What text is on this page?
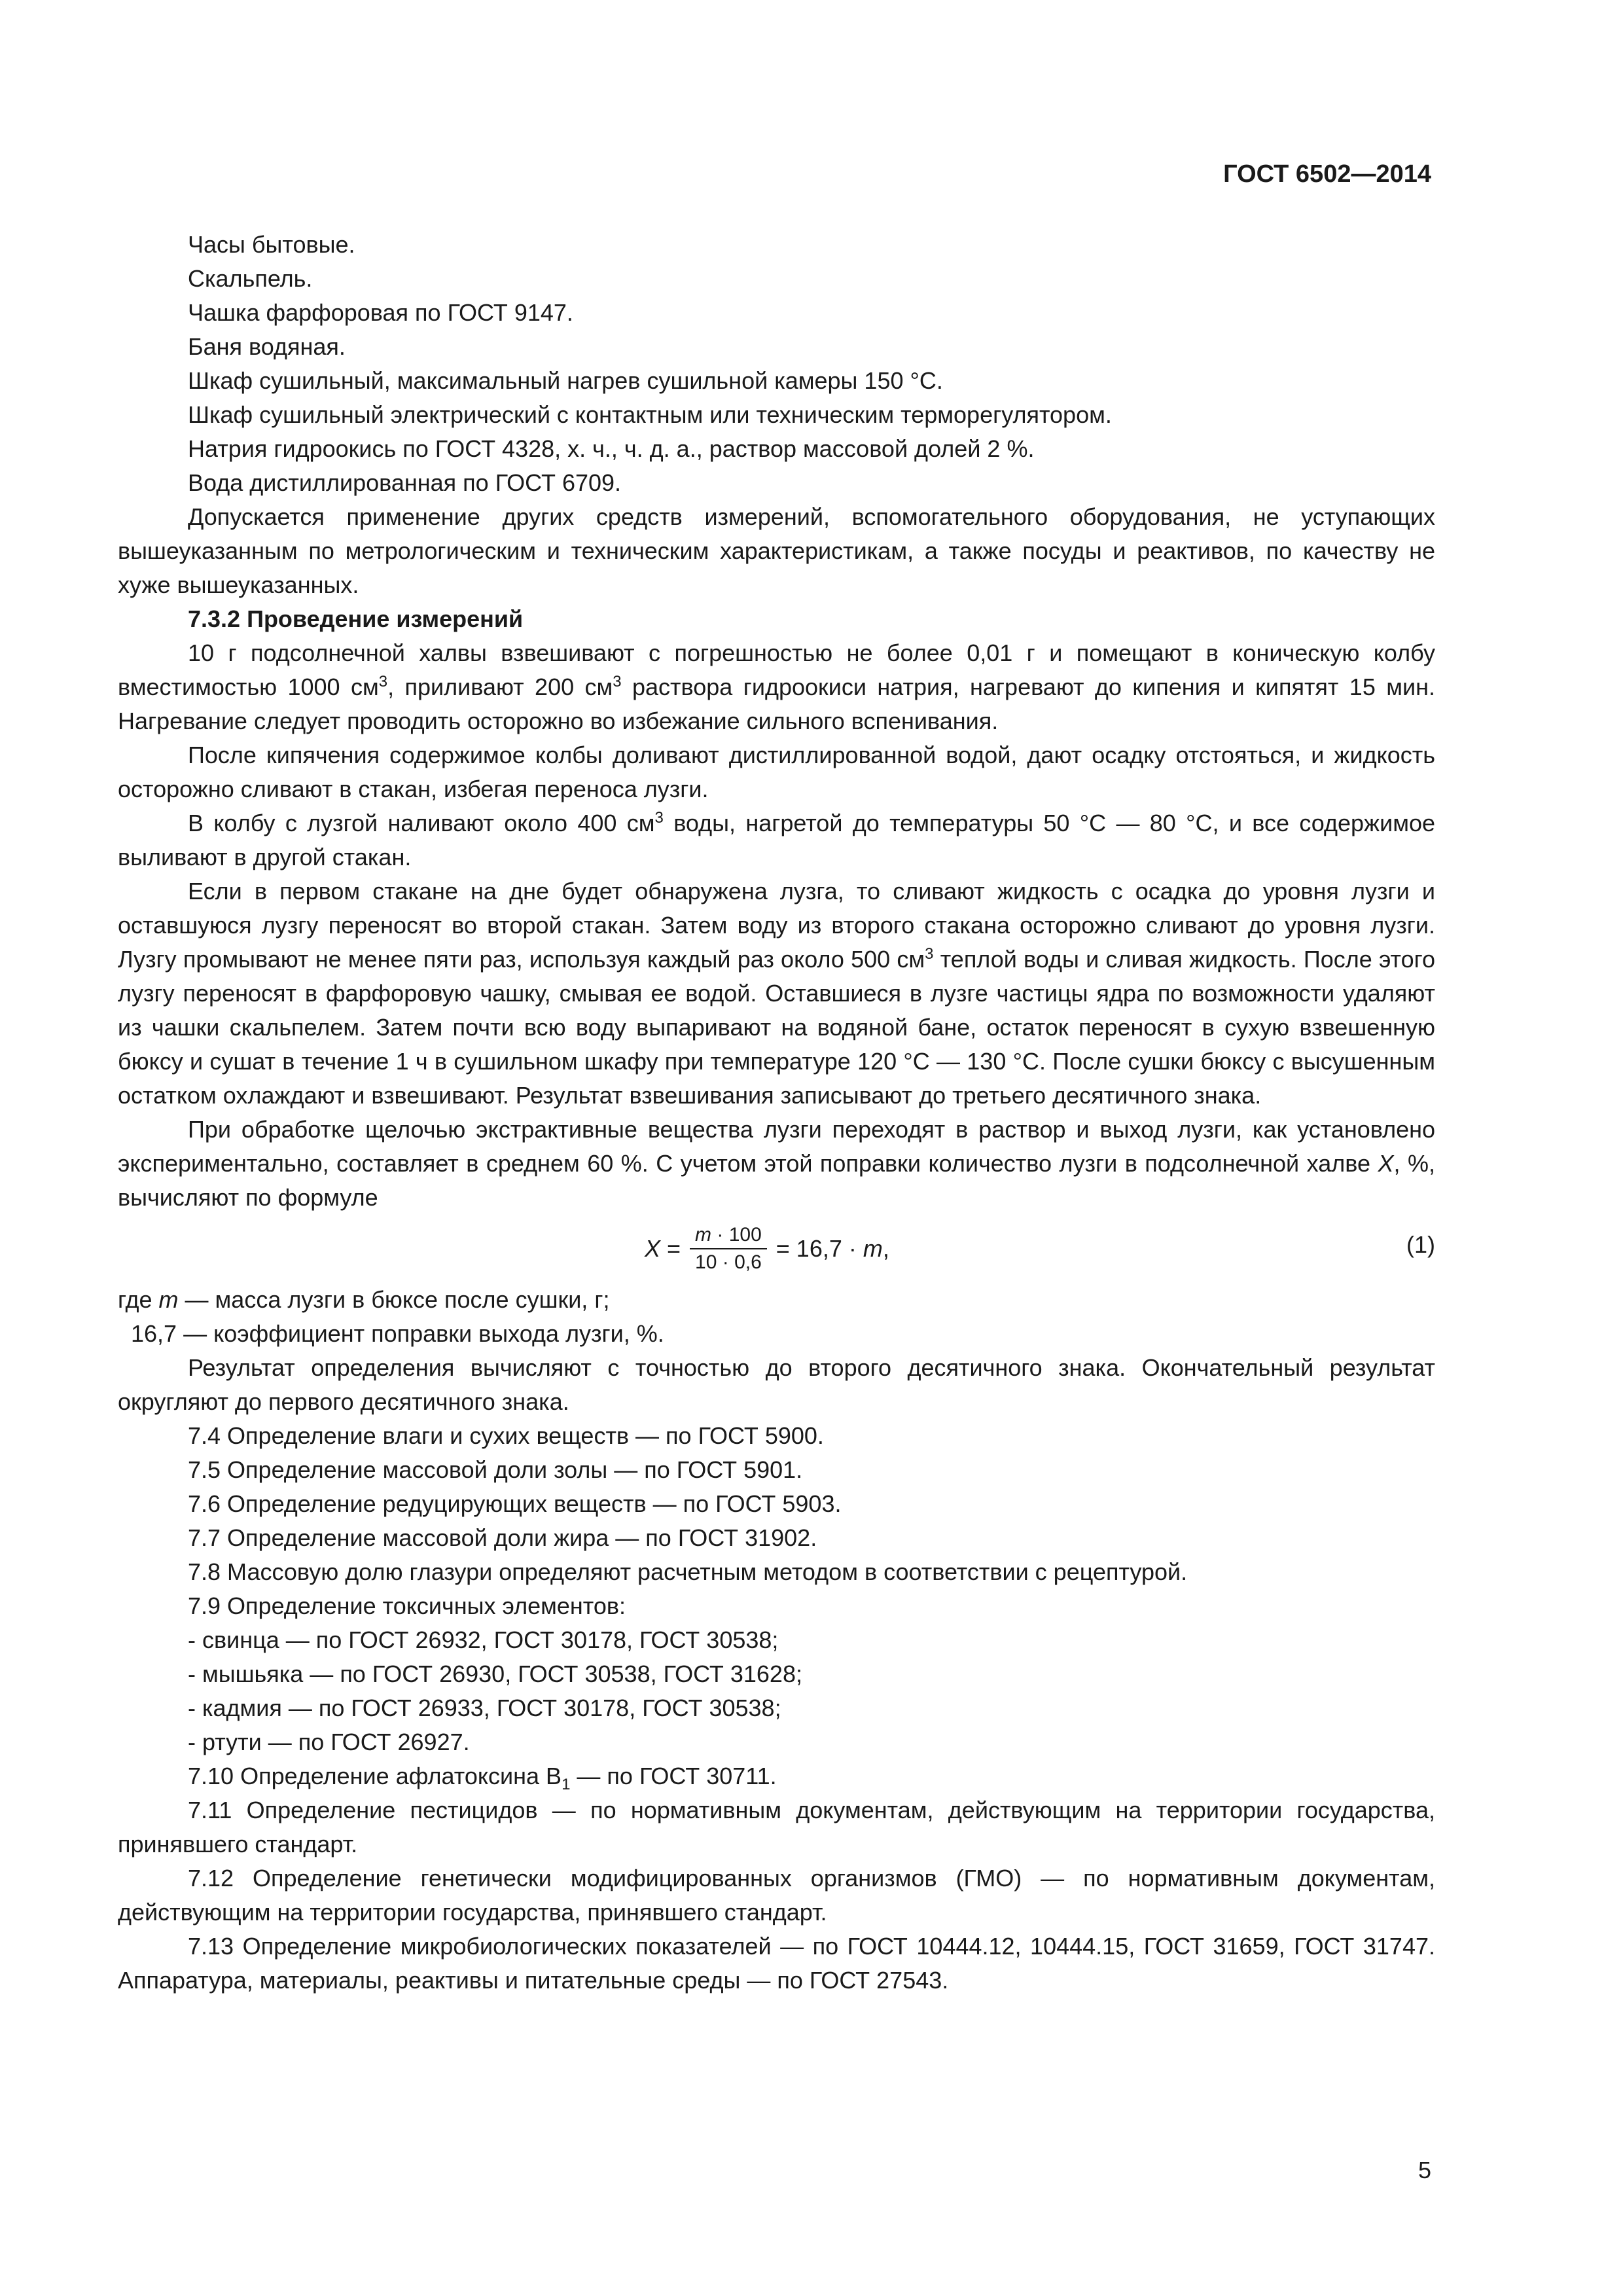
ГОСТ 6502—2014

Часы бытовые.

Скальпель.

Чашка фарфоровая по ГОСТ 9147.

Баня водяная.

Шкаф сушильный, максимальный нагрев сушильной камеры 150 °С.

Шкаф сушильный электрический с контактным или техническим терморегулятором.

Натрия гидроокись по ГОСТ 4328, х. ч., ч. д. а., раствор массовой долей 2 %.

Вода дистиллированная по ГОСТ 6709.

Допускается применение других средств измерений, вспомогательного оборудования, не уступающих вышеуказанным по метрологическим и техническим характеристикам, а также посуды и реактивов, по качеству не хуже вышеуказанных.

7.3.2 Проведение измерений

10 г подсолнечной халвы взвешивают с погрешностью не более 0,01 г и помещают в коническую колбу вместимостью 1000 $см^3$, приливают 200 $см^3$ раствора гидроокиси натрия, нагревают до кипения и кипятят 15 мин. Нагревание следует проводить осторожно во избежание сильного вспенивания.

После кипячения содержимое колбы доливают дистиллированной водой, дают осадку отстояться, и жидкость осторожно сливают в стакан, избегая переноса лузги.

В колбу с лузгой наливают около 400 $см^3$ воды, нагретой до температуры 50 °С — 80 °С, и все содержимое выливают в другой стакан.

Если в первом стакане на дне будет обнаружена лузга, то сливают жидкость с осадка до уровня лузги и оставшуюся лузгу переносят во второй стакан. Затем воду из второго стакана осторожно сливают до уровня лузги. Лузгу промывают не менее пяти раз, используя каждый раз около 500 $см^3$ теплой воды и сливая жидкость. После этого лузгу переносят в фарфоровую чашку, смывая ее водой. Оставшиеся в лузге частицы ядра по возможности удаляют из чашки скальпелем. Затем почти всю воду выпаривают на водяной бане, остаток переносят в сухую взвешенную бюксу и сушат в течение 1 ч в сушильном шкафу при температуре 120 °С — 130 °С. После сушки бюксу с высушенным остатком охлаждают и взвешивают. Результат взвешивания записывают до третьего десятичного знака.

При обработке щелочью экстрактивные вещества лузги переходят в раствор и выход лузги, как установлено экспериментально, составляет в среднем 60 %. С учетом этой поправки количество лузги в подсолнечной халве X, %, вычисляют по формуле

$X = \frac{m \cdot 100}{10 \cdot 0,6} = 16,7 \cdot m$ ,	(1)

где m — масса лузги в бюксе после сушки, г;

16,7 — коэффициент поправки выхода лузги, %.

Результат определения вычисляют с точностью до второго десятичного знака. Окончательный результат округляют до первого десятичного знака.

7.4 Определение влаги и сухих веществ — по ГОСТ 5900.

7.5 Определение массовой доли золы — по ГОСТ 5901.

7.6 Определение редуцирующих веществ — по ГОСТ 5903.

7.7 Определение массовой доли жира — по ГОСТ 31902.

7.8 Массовую долю глазури определяют расчетным методом в соответствии с рецептурой.

7.9 Определение токсичных элементов:

- свинца — по ГОСТ 26932, ГОСТ 30178, ГОСТ 30538;

- мышьяка — по ГОСТ 26930, ГОСТ 30538, ГОСТ 31628;

- кадмия — по ГОСТ 26933, ГОСТ 30178, ГОСТ 30538;

- ртути — по ГОСТ 26927.

7.10 Определение афлатоксина $B_1$ — по ГОСТ 30711.

7.11 Определение пестицидов — по нормативным документам, действующим на территории государства, принявшего стандарт.

7.12 Определение генетически модифицированных организмов (ГМО) — по нормативным документам, действующим на территории государства, принявшего стандарт.

7.13 Определение микробиологических показателей — по ГОСТ 10444.12, 10444.15, ГОСТ 31659, ГОСТ 31747. Аппаратура, материалы, реактивы и питательные среды — по ГОСТ 27543.

5
